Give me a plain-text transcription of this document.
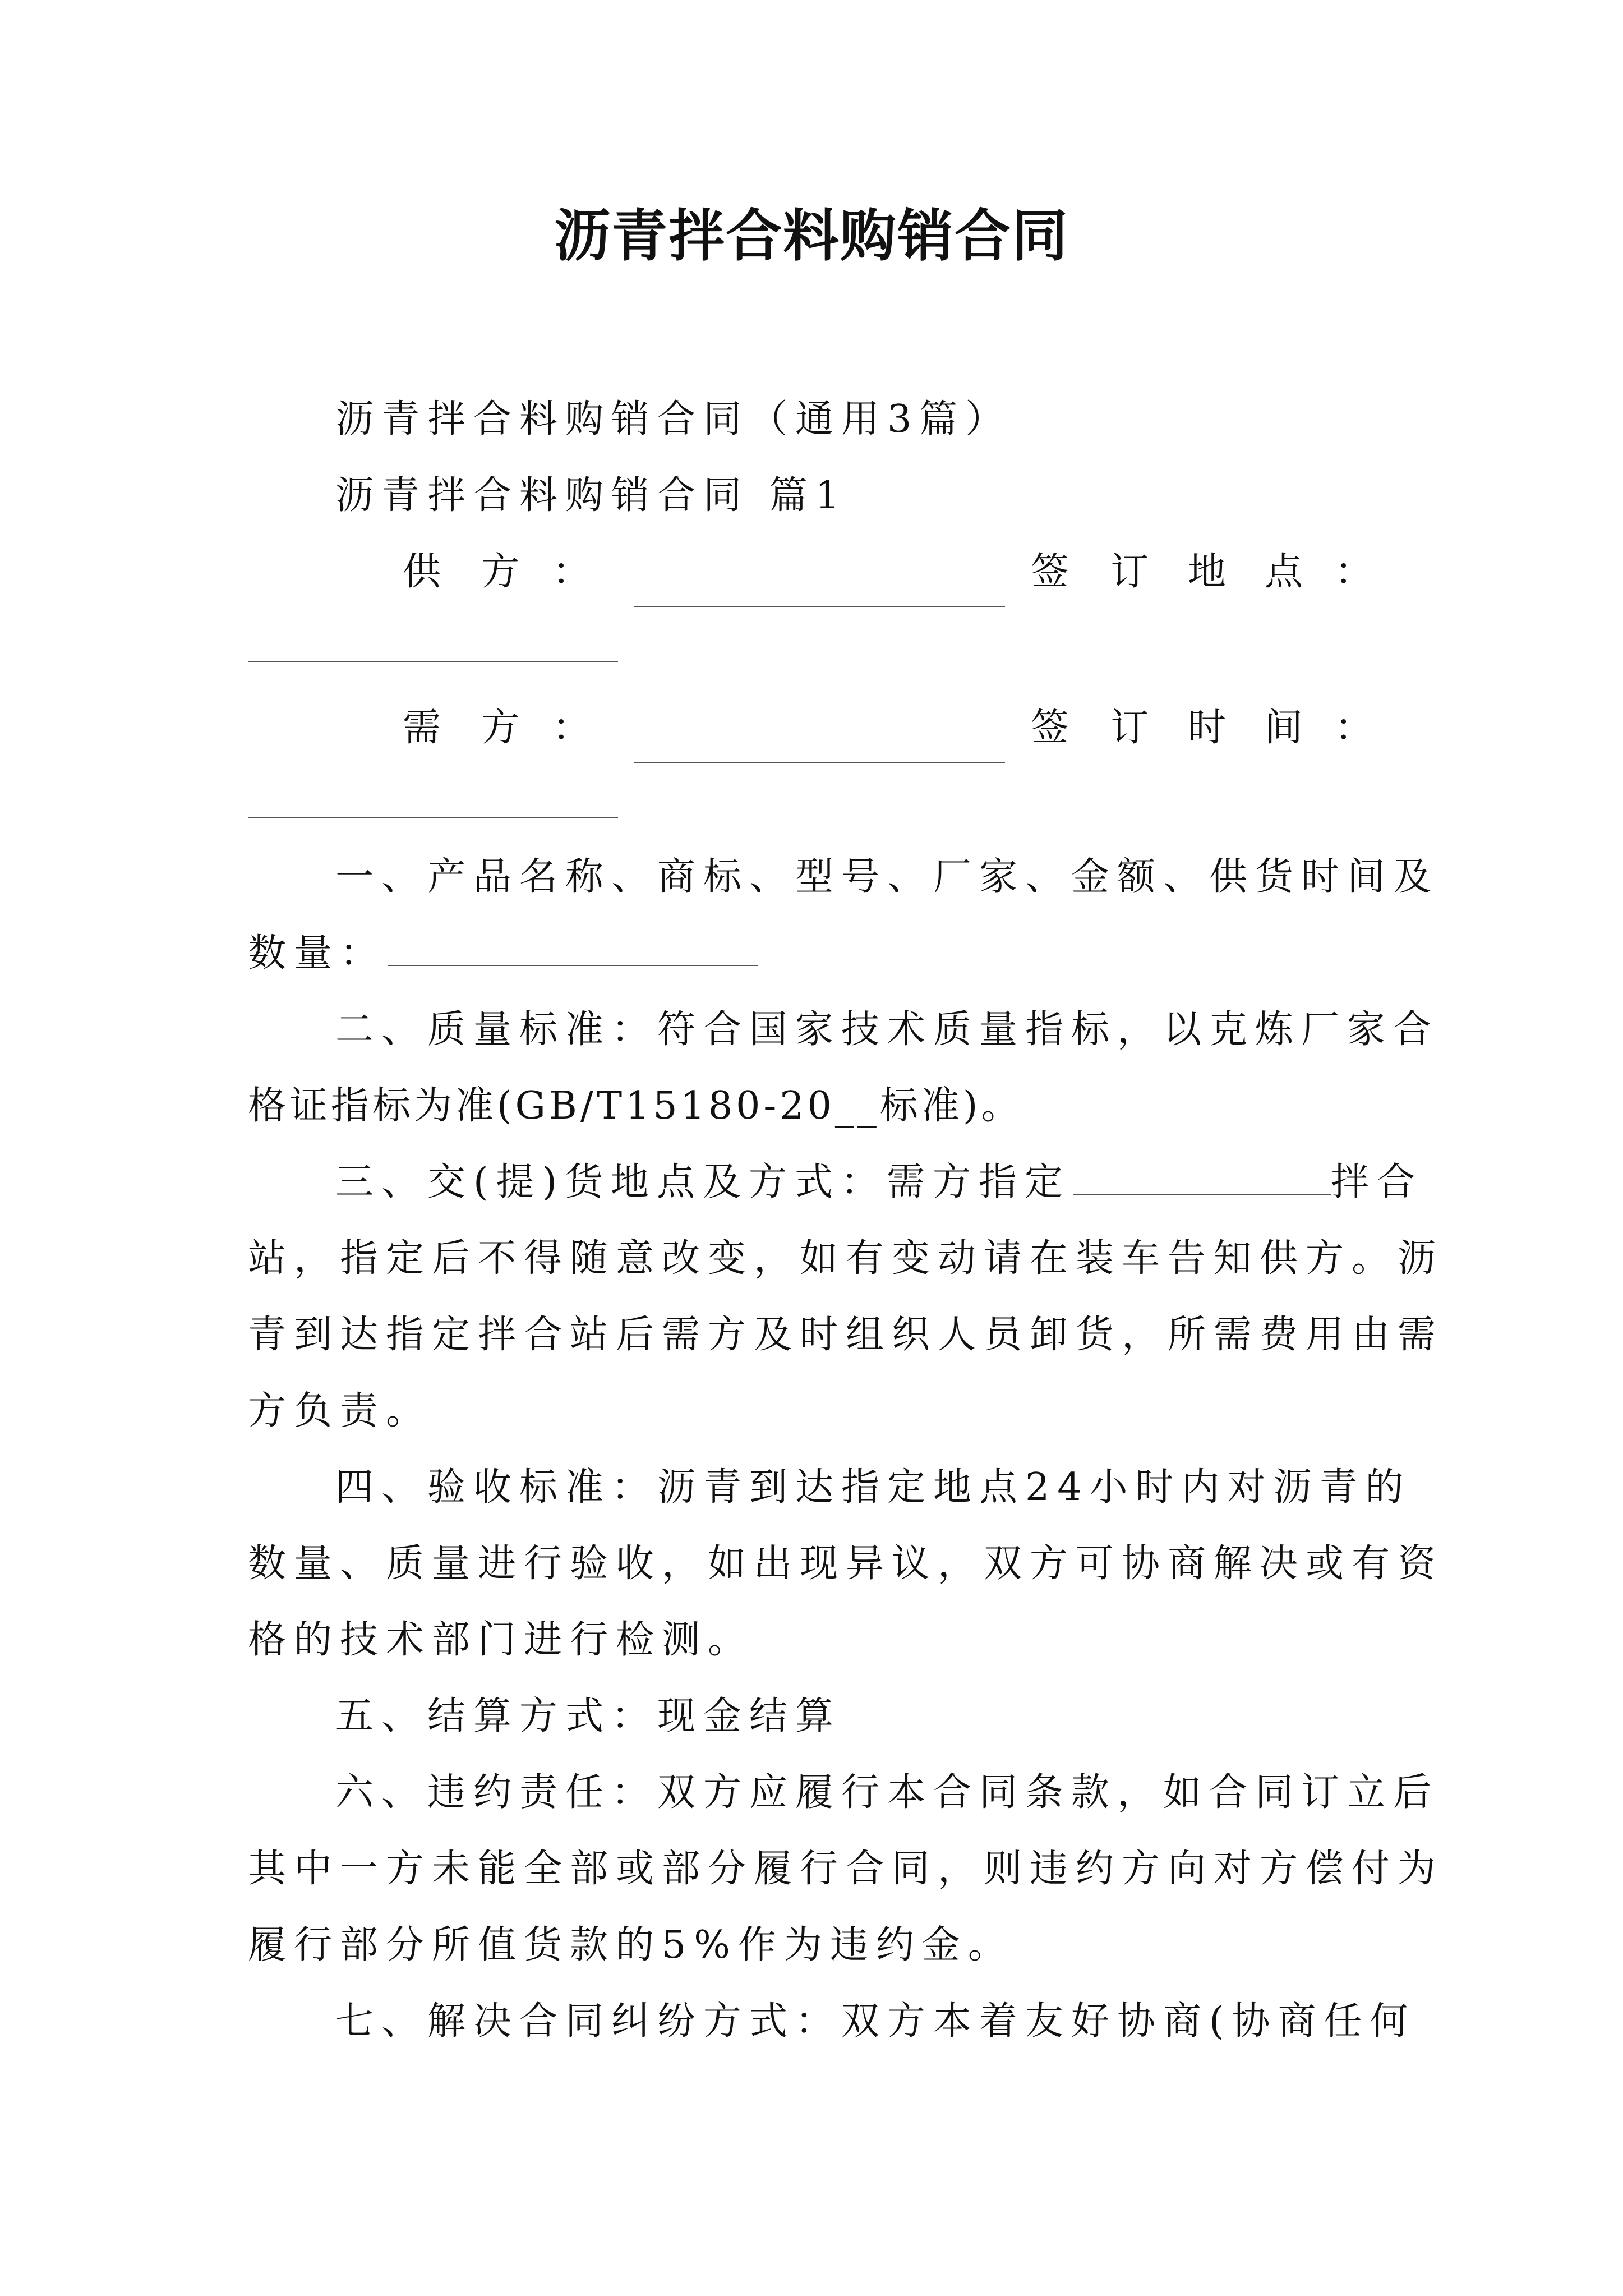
沥青拌合料购销合同
沥青拌合料购销合同（通用3篇）
沥青拌合料购销合同 篇1
供 方 ：	签 订 地 点 ：
需 方 ：	签 订 时 间 ：
一、产品名称、商标、型号、厂家、金额、供货时间及
数量：
二、质量标准：符合国家技术质量指标，以克炼厂家合
格证指标为准(GB/T15180-20__标准)。
三、交(提)货地点及方式：需方指定	拌合
站，指定后不得随意改变，如有变动请在装车告知供方。沥
青到达指定拌合站后需方及时组织人员卸货，所需费用由需
方负责。
四、验收标准：沥青到达指定地点24小时内对沥青的
数量、质量进行验收，如出现异议，双方可协商解决或有资
格的技术部门进行检测。
五、结算方式：现金结算
六、违约责任：双方应履行本合同条款，如合同订立后
其中一方未能全部或部分履行合同，则违约方向对方偿付为
履行部分所值货款的5%作为违约金。
七、解决合同纠纷方式：双方本着友好协商(协商任何
